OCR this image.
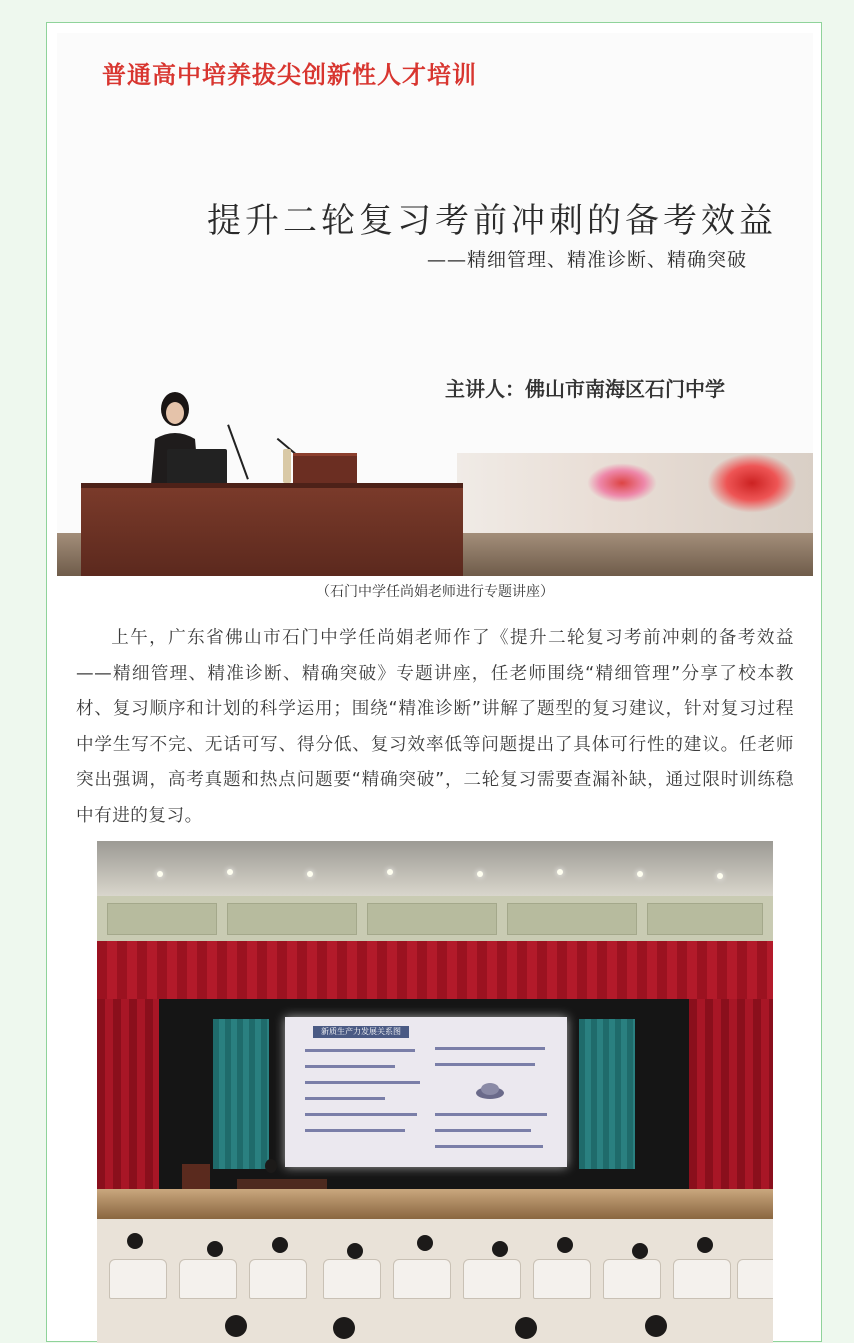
普通高中培养拔尖创新性人才培训
提升二轮复习考前冲刺的备考效益
——精细管理、精准诊断、精确突破
主讲人：佛山市南海区石门中学
（石门中学任尚娟老师进行专题讲座）
上午，广东省佛山市石门中学任尚娟老师作了《提升二轮复习考前冲刺的备考效益——精细管理、精准诊断、精确突破》专题讲座，任老师围绕“精细管理”分享了校本教材、复习顺序和计划的科学运用；围绕“精准诊断”讲解了题型的复习建议，针对复习过程中学生写不完、无话可写、得分低、复习效率低等问题提出了具体可行性的建议。任老师突出强调，高考真题和热点问题要“精确突破”，二轮复习需要查漏补缺，通过限时训练稳中有进的复习。
新质生产力发展关系图
